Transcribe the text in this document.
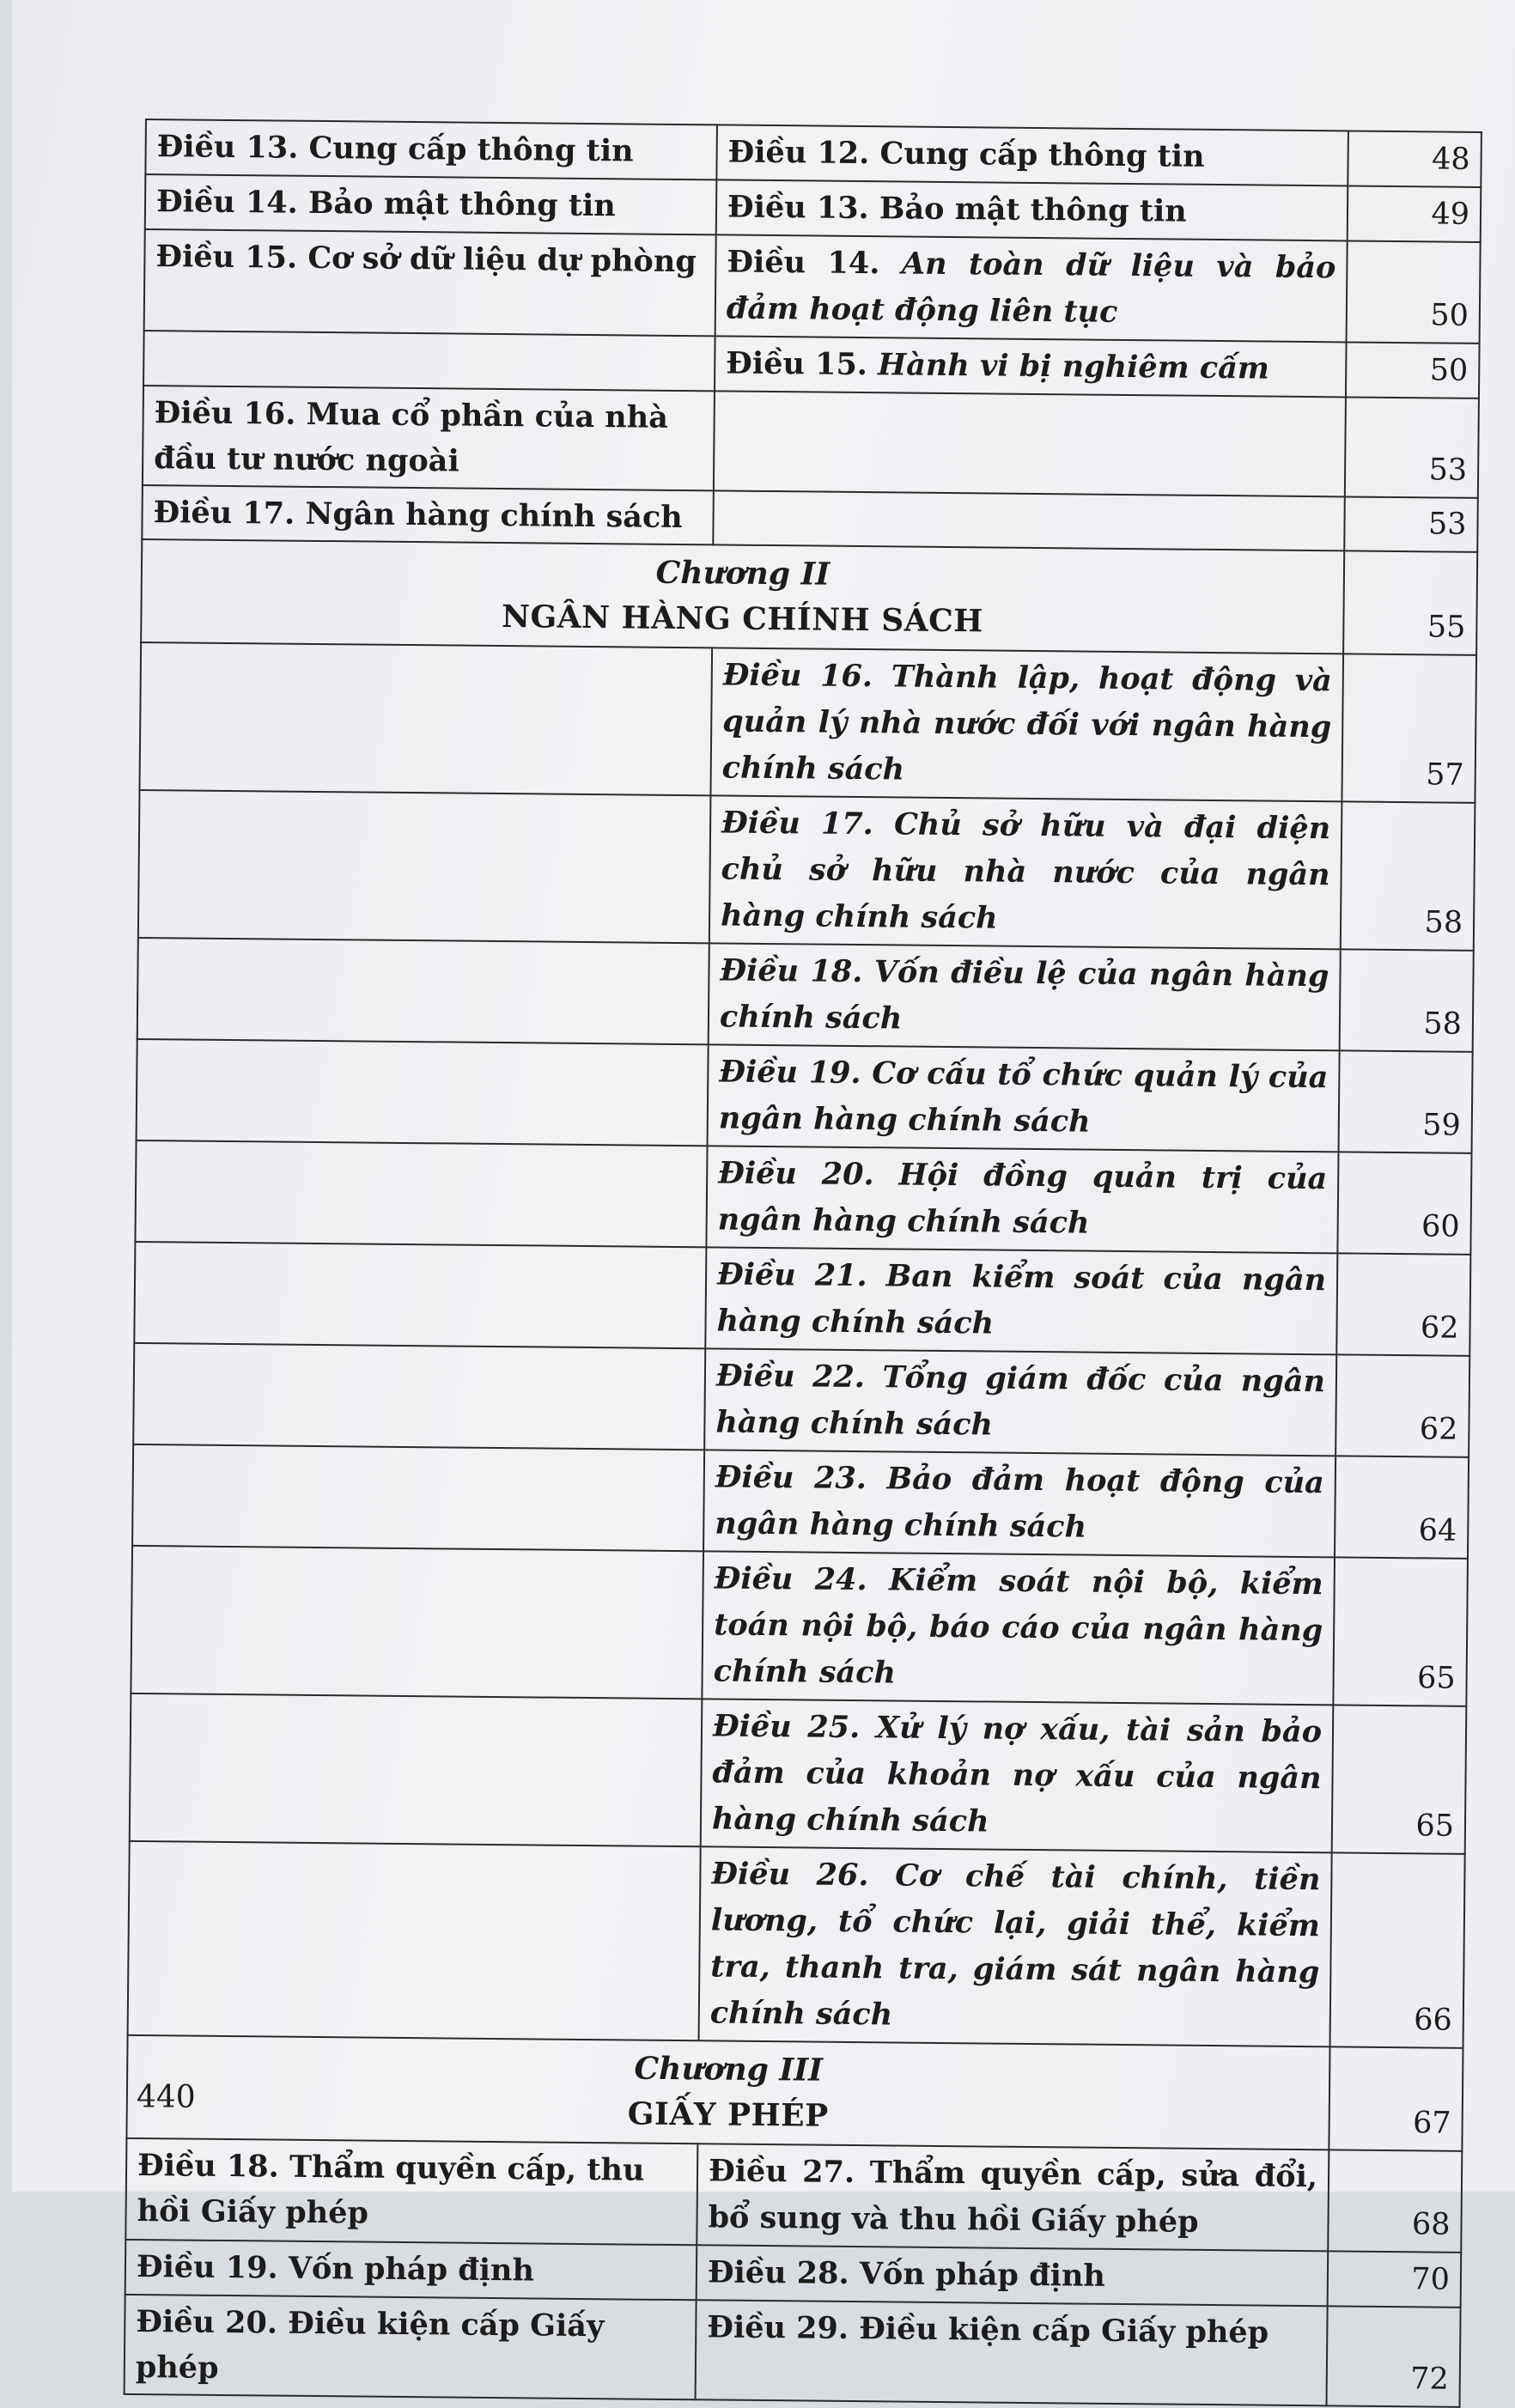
Điều 13. Cung cấp thông tin	Điều 12. Cung cấp thông tin	48
Điều 14. Bảo mật thông tin	Điều 13. Bảo mật thông tin	49
Điều 15. Cơ sở dữ liệu dự phòng	Điều 14. An toàn dữ liệu và bảo đảm hoạt động liên tục	50
	Điều 15. Hành vi bị nghiêm cấm	50
Điều 16. Mua cổ phần của nhà đầu tư nước ngoài		53
Điều 17. Ngân hàng chính sách		53

Chương II
NGÂN HÀNG CHÍNH SÁCH		55
	Điều 16. Thành lập, hoạt động và quản lý nhà nước đối với ngân hàng chính sách	57
	Điều 17. Chủ sở hữu và đại diện chủ sở hữu nhà nước của ngân hàng chính sách	58
	Điều 18. Vốn điều lệ của ngân hàng chính sách	58
	Điều 19. Cơ cấu tổ chức quản lý của ngân hàng chính sách	59
	Điều 20. Hội đồng quản trị của ngân hàng chính sách	60
	Điều 21. Ban kiểm soát của ngân hàng chính sách	62
	Điều 22. Tổng giám đốc của ngân hàng chính sách	62
	Điều 23. Bảo đảm hoạt động của ngân hàng chính sách	64
	Điều 24. Kiểm soát nội bộ, kiểm toán nội bộ, báo cáo của ngân hàng chính sách	65
	Điều 25. Xử lý nợ xấu, tài sản bảo đảm của khoản nợ xấu của ngân hàng chính sách	65
	Điều 26. Cơ chế tài chính, tiền lương, tổ chức lại, giải thể, kiểm tra, thanh tra, giám sát ngân hàng chính sách	66

Chương III
GIẤY PHÉP		67
Điều 18. Thẩm quyền cấp, thu hồi Giấy phép	Điều 27. Thẩm quyền cấp, sửa đổi, bổ sung và thu hồi Giấy phép	68
Điều 19. Vốn pháp định	Điều 28. Vốn pháp định	70
Điều 20. Điều kiện cấp Giấy phép	Điều 29. Điều kiện cấp Giấy phép	72
440
